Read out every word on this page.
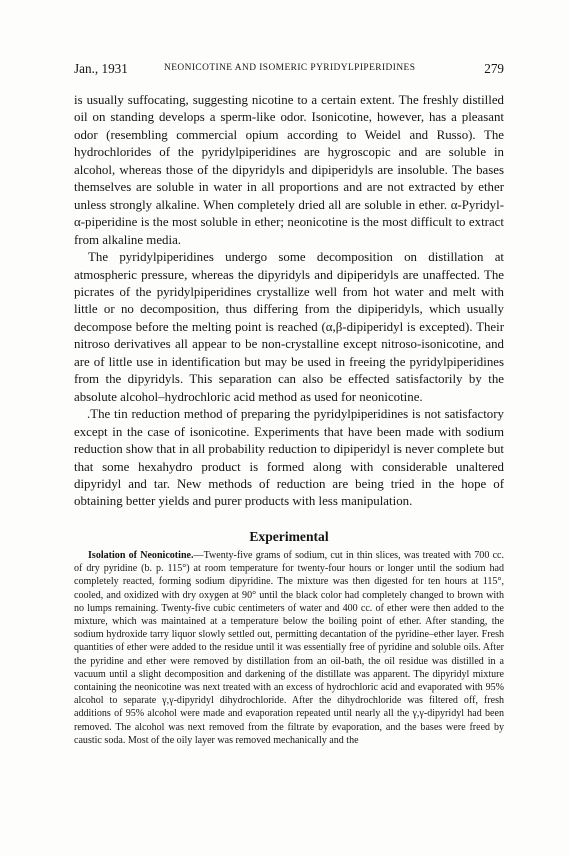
Jan., 1931	NEONICOTINE AND ISOMERIC PYRIDYLPIPERIDINES	279

is usually suffocating, suggesting nicotine to a certain extent. The freshly distilled oil on standing develops a sperm-like odor. Isonicotine, however, has a pleasant odor (resembling commercial opium according to Weidel and Russo). The hydrochlorides of the pyridylpiperidines are hygroscopic and are soluble in alcohol, whereas those of the dipyridyls and dipiperidyls are insoluble. The bases themselves are soluble in water in all proportions and are not extracted by ether unless strongly alkaline. When completely dried all are soluble in ether. α-Pyridyl-α-piperidine is the most soluble in ether; neonicotine is the most difficult to extract from alkaline media.

The pyridylpiperidines undergo some decomposition on distillation at atmospheric pressure, whereas the dipyridyls and dipiperidyls are unaffected. The picrates of the pyridylpiperidines crystallize well from hot water and melt with little or no decomposition, thus differing from the dipiperidyls, which usually decompose before the melting point is reached (α,β-dipiperidyl is excepted). Their nitroso derivatives all appear to be non-crystalline except nitroso-isonicotine, and are of little use in identification but may be used in freeing the pyridylpiperidines from the dipyridyls. This separation can also be effected satisfactorily by the absolute alcohol–hydrochloric acid method as used for neonicotine.

.The tin reduction method of preparing the pyridylpiperidines is not satisfactory except in the case of isonicotine. Experiments that have been made with sodium reduction show that in all probability reduction to dipiperidyl is never complete but that some hexahydro product is formed along with considerable unaltered dipyridyl and tar. New methods of reduction are being tried in the hope of obtaining better yields and purer products with less manipulation.

Experimental

Isolation of Neonicotine.—Twenty-five grams of sodium, cut in thin slices, was treated with 700 cc. of dry pyridine (b. p. 115°) at room temperature for twenty-four hours or longer until the sodium had completely reacted, forming sodium dipyridine. The mixture was then digested for ten hours at 115°, cooled, and oxidized with dry oxygen at 90° until the black color had completely changed to brown with no lumps remaining. Twenty-five cubic centimeters of water and 400 cc. of ether were then added to the mixture, which was maintained at a temperature below the boiling point of ether. After standing, the sodium hydroxide tarry liquor slowly settled out, permitting decantation of the pyridine–ether layer. Fresh quantities of ether were added to the residue until it was essentially free of pyridine and soluble oils. After the pyridine and ether were removed by distillation from an oil-bath, the oil residue was distilled in a vacuum until a slight decomposition and darkening of the distillate was apparent. The dipyridyl mixture containing the neonicotine was next treated with an excess of hydrochloric acid and evaporated with 95% alcohol to separate γ,γ-dipyridyl dihydrochloride. After the dihydrochloride was filtered off, fresh additions of 95% alcohol were made and evaporation repeated until nearly all the γ,γ-dipyridyl had been removed. The alcohol was next removed from the filtrate by evaporation, and the bases were freed by caustic soda. Most of the oily layer was removed mechanically and the
